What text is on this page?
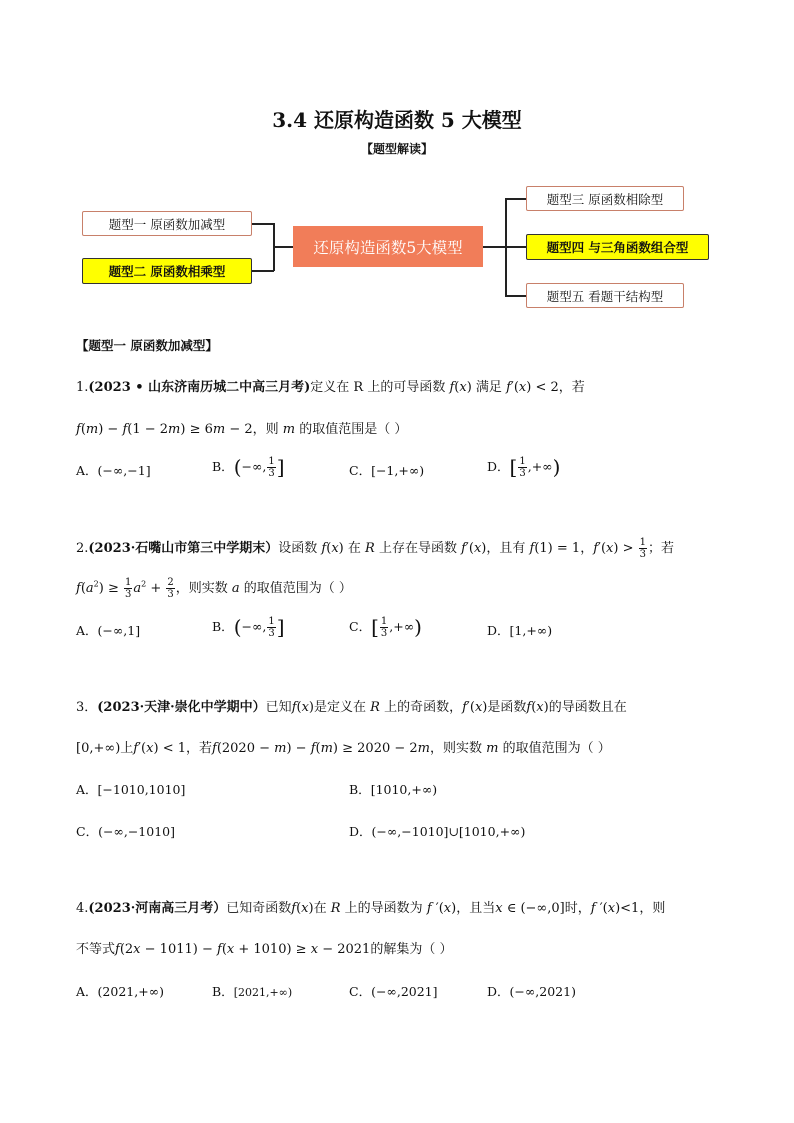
3.4 还原构造函数 5 大模型
【题型解读】
题型一 原函数加减型
题型二 原函数相乘型
还原构造函数5大模型
题型三 原函数相除型
题型四 与三角函数组合型
题型五 看题干结构型
【题型一 原函数加减型】
1.(2023 • 山东济南历城二中高三月考)定义在 R 上的可导函数 f(x) 满足 f′(x) < 2，若
f(m) − f(1 − 2m) ≥ 6m − 2，则 m 的取值范围是（ ）
A．(−∞,−1]	B．(−∞, $\frac{1}{3}$ ]	C．[−1,+∞)	D．[ $\frac{1}{3}$ ,+∞)
2.(2023·石嘴山市第三中学期末）设函数 f(x) 在 R 上存在导函数 f′(x)，且有 f(1) = 1，$f'(x) > \frac{1}{3}$ ；若
$f(a^2) \ge \frac{1}{3} a^2 + \frac{2}{3}$ ，则实数 a 的取值范围为（ ）
A．(−∞,1]	B．(−∞, $\frac{1}{3}$ ]	C．[ $\frac{1}{3}$ ,+∞)	D．[1,+∞)
3．(2023·天津·崇化中学期中）已知f(x)是定义在 R 上的奇函数，f′(x)是函数f(x)的导函数且在
[0,+∞)上f′(x) < 1，若f(2020 − m) − f(m) ≥ 2020 − 2m，则实数 m 的取值范围为（ ）
A．[−1010,1010]	B．[1010,+∞)
C．(−∞,−1010]	D．(−∞,−1010]∪[1010,+∞)
4.(2023·河南高三月考）已知奇函数f(x)在 R 上的导函数为 f ′(x)，且当x ∈ (−∞,0]时，f ′(x)<1，则
不等式f(2x − 1011) − f(x + 1010) ≥ x − 2021的解集为（ ）
A．(2021,+∞)	B．[2021,+∞)	C．(−∞,2021]	D．(−∞,2021)
